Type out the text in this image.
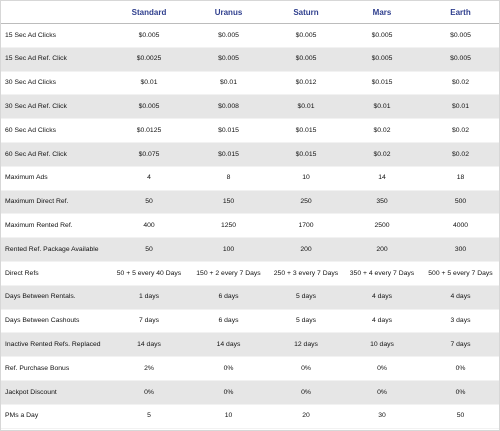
	Standard	Uranus	Saturn	Mars	Earth
15 Sec Ad Clicks	$0.005	$0.005	$0.005	$0.005	$0.005
15 Sec Ad Ref. Click	$0.0025	$0.005	$0.005	$0.005	$0.005
30 Sec Ad Clicks	$0.01	$0.01	$0.012	$0.015	$0.02
30 Sec Ad Ref. Click	$0.005	$0.008	$0.01	$0.01	$0.01
60 Sec Ad Clicks	$0.0125	$0.015	$0.015	$0.02	$0.02
60 Sec Ad Ref. Click	$0.075	$0.015	$0.015	$0.02	$0.02
Maximum Ads	4	8	10	14	18
Maximum Direct Ref.	50	150	250	350	500
Maximum Rented Ref.	400	1250	1700	2500	4000
Rented Ref. Package Available	50	100	200	200	300
Direct Refs	50 + 5 every 40 Days	150 + 2 every 7 Days	250 + 3 every 7 Days	350 + 4 every 7 Days	500 + 5 every 7 Days
Days Between Rentals.	1 days	6 days	5 days	4 days	4 days
Days Between Cashouts	7 days	6 days	5 days	4 days	3 days
Inactive Rented Refs. Replaced	14 days	14 days	12 days	10 days	7 days
Ref. Purchase Bonus	2%	0%	0%	0%	0%
Jackpot Discount	0%	0%	0%	0%	0%
PMs a Day	5	10	20	30	50
